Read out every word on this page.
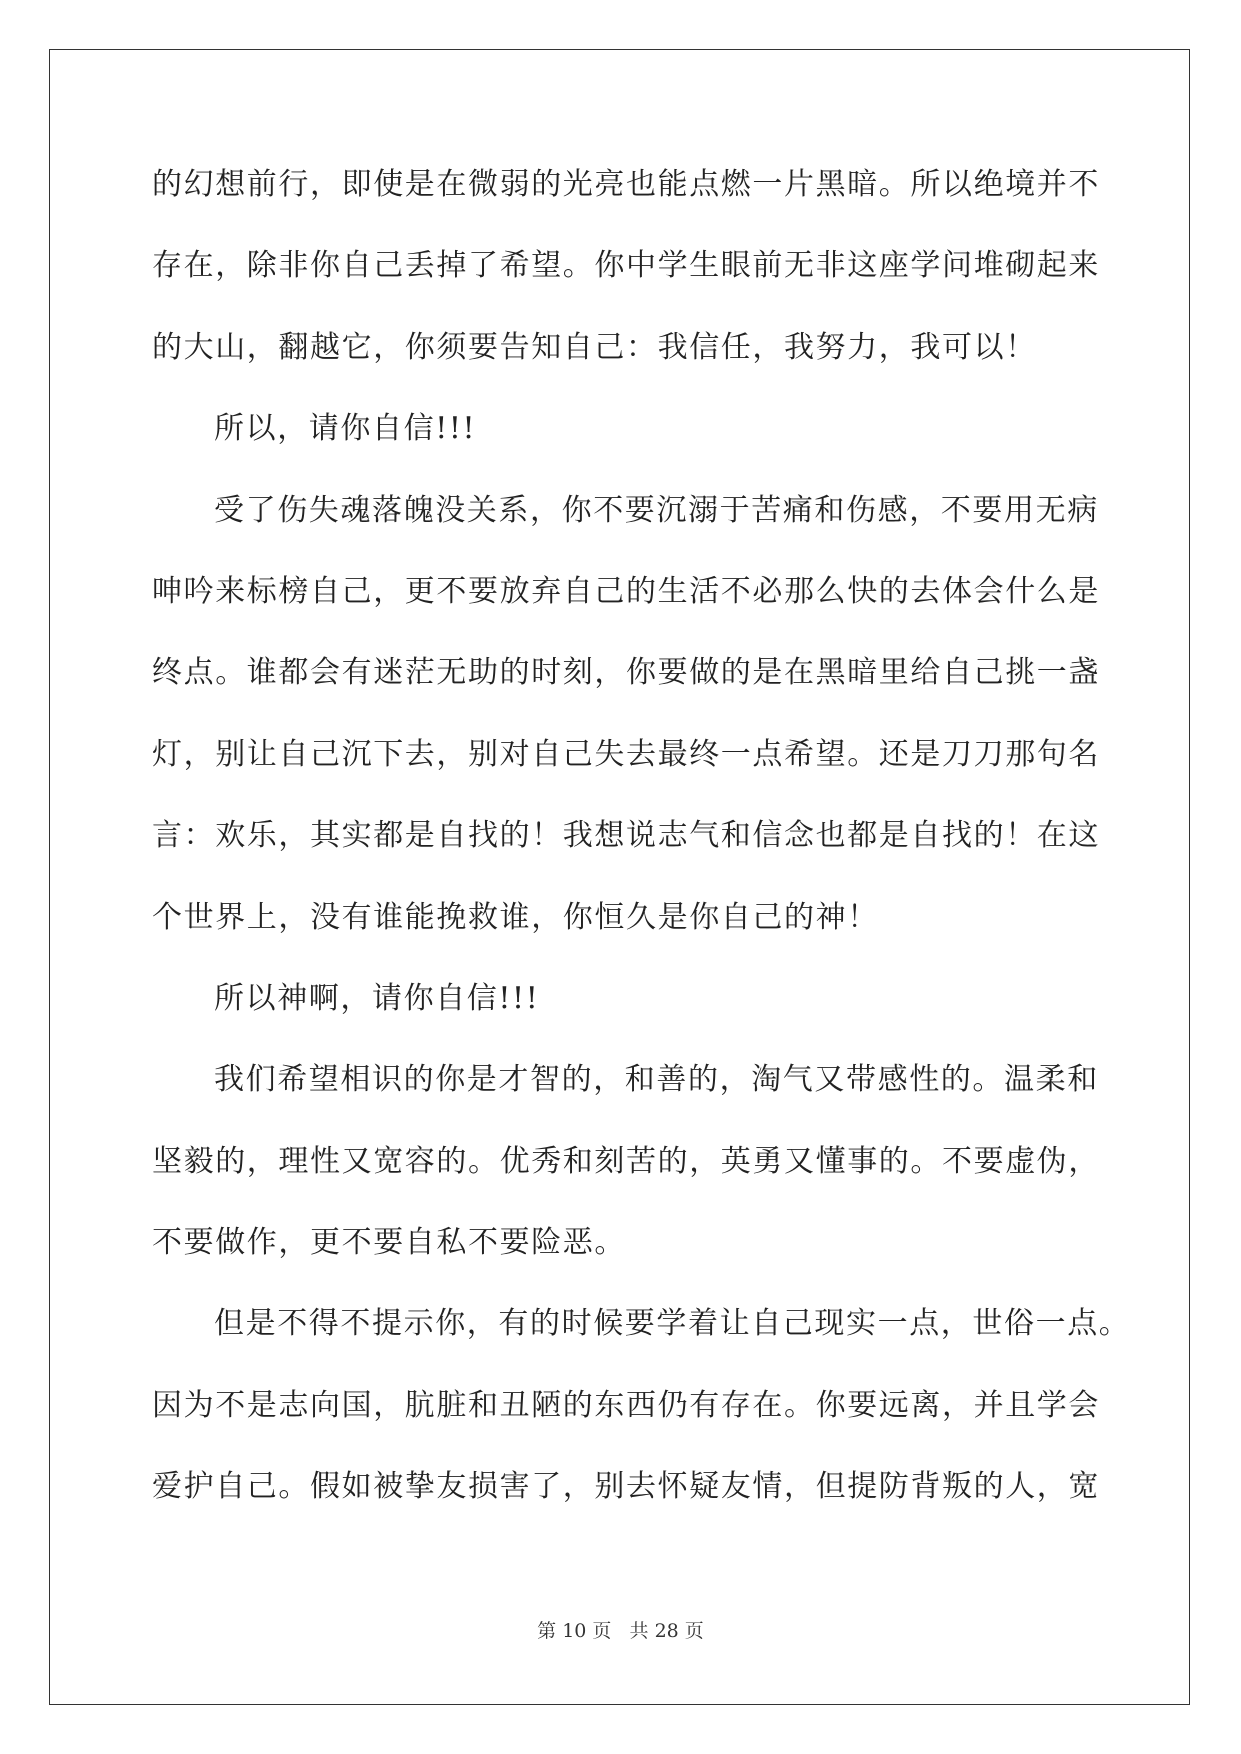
的幻想前行，即使是在微弱的光亮也能点燃一片黑暗。所以绝境并不
存在，除非你自己丢掉了希望。你中学生眼前无非这座学问堆砌起来
的大山，翻越它，你须要告知自己：我信任，我努力，我可以！
所以，请你自信!!!
受了伤失魂落魄没关系，你不要沉溺于苦痛和伤感，不要用无病
呻吟来标榜自己，更不要放弃自己的生活不必那么快的去体会什么是
终点。谁都会有迷茫无助的时刻，你要做的是在黑暗里给自己挑一盏
灯，别让自己沉下去，别对自己失去最终一点希望。还是刀刀那句名
言：欢乐，其实都是自找的！我想说志气和信念也都是自找的！在这
个世界上，没有谁能挽救谁，你恒久是你自己的神！
所以神啊，请你自信!!!
我们希望相识的你是才智的，和善的，淘气又带感性的。温柔和
坚毅的，理性又宽容的。优秀和刻苦的，英勇又懂事的。不要虚伪，
不要做作，更不要自私不要险恶。
但是不得不提示你，有的时候要学着让自己现实一点，世俗一点。
因为不是志向国，肮脏和丑陋的东西仍有存在。你要远离，并且学会
爱护自己。假如被挚友损害了，别去怀疑友情，但提防背叛的人，宽
第 10 页   共 28 页
